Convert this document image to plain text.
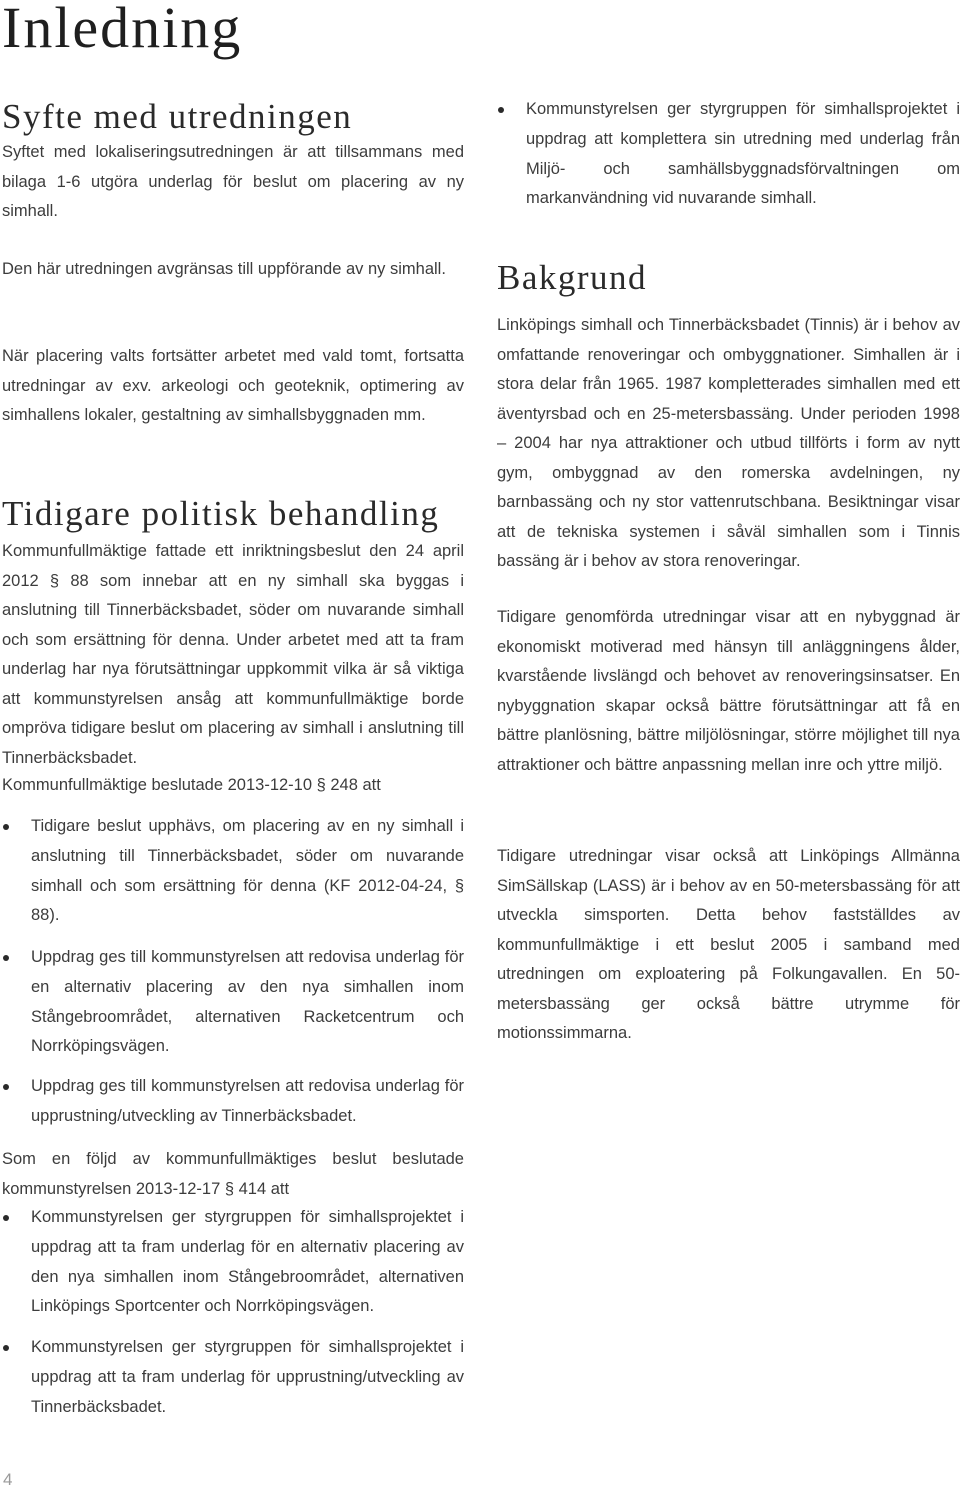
Inledning
Syfte med utredningen

Syftet med lokaliseringsutredningen är att tillsammans med bilaga 1-6 utgöra underlag för beslut om placering av ny simhall.

Den här utredningen avgränsas till uppförande av ny simhall.

När placering valts fortsätter arbetet med vald tomt, fortsatta utredningar av exv. arkeologi och geoteknik, optimering av simhallens lokaler, gestaltning av simhallsbyggnaden mm.

Tidigare politisk behandling

Kommunfullmäktige fattade ett inriktningsbeslut den 24 april 2012 § 88 som innebar att en ny simhall ska byggas i anslutning till Tinnerbäcksbadet, söder om nuvarande simhall och som ersättning för denna. Under arbetet med att ta fram underlag har nya förutsättningar uppkommit vilka är så viktiga att kommunstyrelsen ansåg att kommunfullmäktige borde ompröva tidigare beslut om placering av simhall i anslutning till Tinnerbäcksbadet.

Kommunfullmäktige beslutade 2013-12-10 § 248 att

Tidigare beslut upphävs, om placering av en ny simhall i anslutning till Tinnerbäcksbadet, söder om nuvarande simhall och som ersättning för denna (KF 2012-04-24, § 88).
Uppdrag ges till kommunstyrelsen att redovisa underlag för en alternativ placering av den nya simhallen inom Stångebroområdet, alternativen Racketcentrum och Norrköpingsvägen.
Uppdrag ges till kommunstyrelsen att redovisa underlag för upprustning/utveckling av Tinnerbäcksbadet.

Som en följd av kommunfullmäktiges beslut beslutade kommunstyrelsen 2013-12-17 § 414 att

Kommunstyrelsen ger styrgruppen för simhallsprojektet i uppdrag att ta fram underlag för en alternativ placering av den nya simhallen inom Stångebroområdet, alternativen Linköpings Sportcenter och Norrköpingsvägen.
Kommunstyrelsen ger styrgruppen för simhallsprojektet i uppdrag att ta fram underlag för upprustning/utveckling av Tinnerbäcksbadet.
Kommunstyrelsen ger styrgruppen för simhallsprojektet i uppdrag att komplettera sin utredning med underlag från Miljö- och samhällsbyggnadsförvaltningen om markanvändning vid nuvarande simhall.
Bakgrund

Linköpings simhall och Tinnerbäcksbadet (Tinnis) är i behov av omfattande renoveringar och ombyggnationer. Simhallen är i stora delar från 1965. 1987 kompletterades simhallen med ett äventyrsbad och en 25-metersbassäng. Under perioden 1998 – 2004 har nya attraktioner och utbud tillförts i form av nytt gym, ombyggnad av den romerska avdelningen, ny barnbassäng och ny stor vattenrutschbana. Besiktningar visar att de tekniska systemen i såväl simhallen som i Tinnis bassäng är i behov av stora renoveringar.

Tidigare genomförda utredningar visar att en nybyggnad är ekonomiskt motiverad med hänsyn till anläggningens ålder, kvarstående livslängd och behovet av renoveringsinsatser. En nybyggnation skapar också bättre förutsättningar att få en bättre planlösning, bättre miljölösningar, större möjlighet till nya attraktioner och bättre anpassning mellan inre och yttre miljö.

Tidigare utredningar visar också att Linköpings Allmänna SimSällskap (LASS) är i behov av en 50-metersbassäng för att utveckla simsporten. Detta behov fastställdes av kommunfullmäktige i ett beslut 2005 i samband med utredningen om exploatering på Folkungavallen. En 50-metersbassäng ger också bättre utrymme för motionssimmarna.

4
